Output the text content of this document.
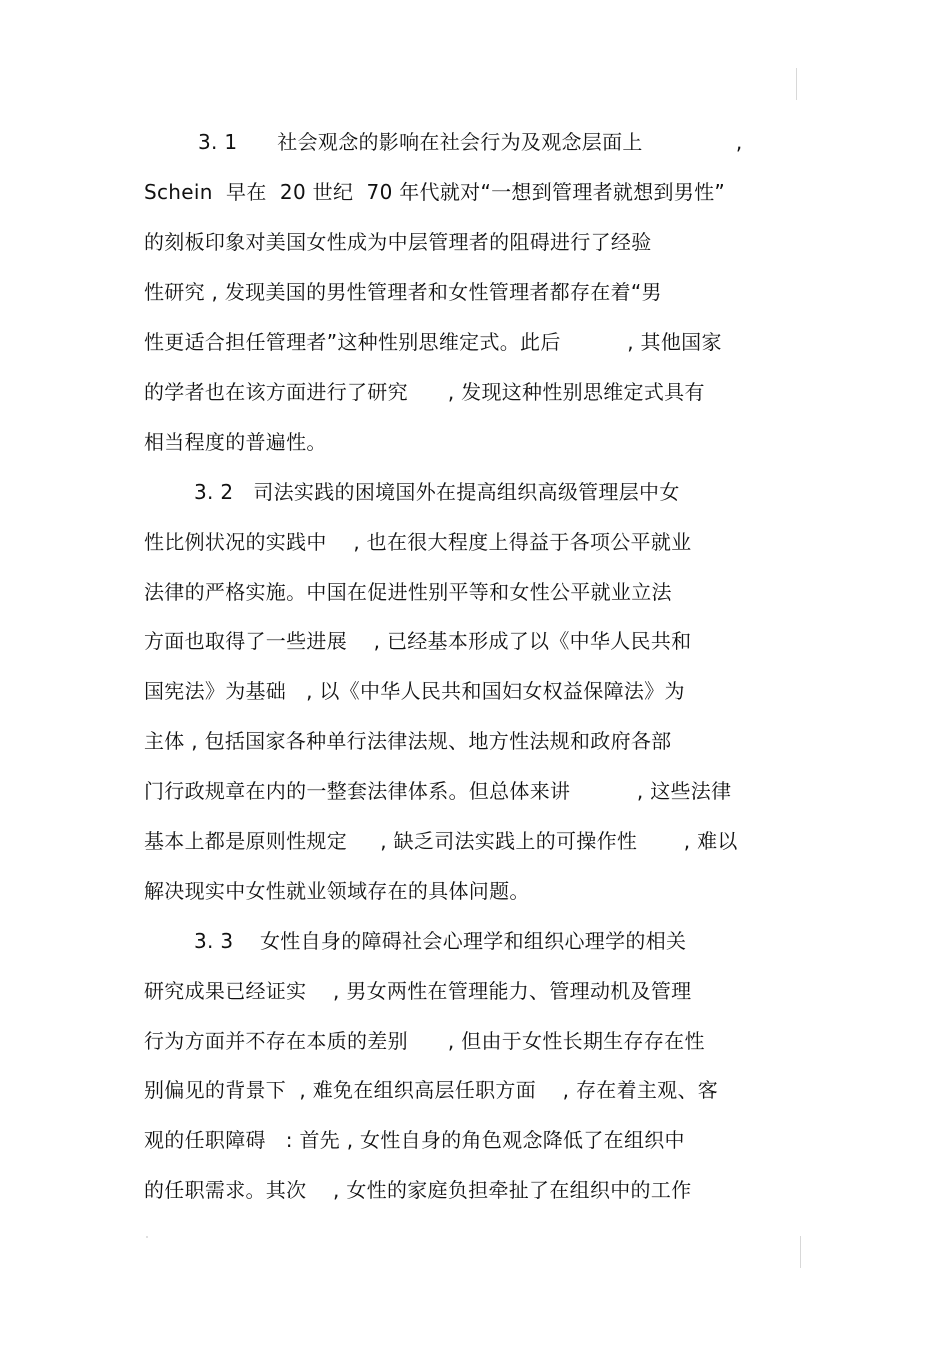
3. 1      社会观念的影响在社会行为及观念层面上              ,
Schein  早在  20 世纪  70 年代就对“一想到管理者就想到男性”
的刻板印象对美国女性成为中层管理者的阻碍进行了经验
性研究 , 发现美国的男性管理者和女性管理者都存在着“男
性更适合担任管理者”这种性别思维定式。此后          , 其他国家
的学者也在该方面进行了研究      , 发现这种性别思维定式具有
相当程度的普遍性。
3. 2   司法实践的困境国外在提高组织高级管理层中女
性比例状况的实践中    , 也在很大程度上得益于各项公平就业
法律的严格实施。中国在促进性别平等和女性公平就业立法
方面也取得了一些进展    , 已经基本形成了以《中华人民共和
国宪法》为基础   , 以《中华人民共和国妇女权益保障法》为
主体 , 包括国家各种单行法律法规、地方性法规和政府各部
门行政规章在内的一整套法律体系。但总体来讲          , 这些法律
基本上都是原则性规定     , 缺乏司法实践上的可操作性       , 难以
解决现实中女性就业领域存在的具体问题。
3. 3    女性自身的障碍社会心理学和组织心理学的相关
研究成果已经证实    , 男女两性在管理能力、管理动机及管理
行为方面并不存在本质的差别      , 但由于女性长期生存存在性
别偏见的背景下  , 难免在组织高层任职方面    , 存在着主观、客
观的任职障碍   : 首先 , 女性自身的角色观念降低了在组织中
的任职需求。其次    , 女性的家庭负担牵扯了在组织中的工作
